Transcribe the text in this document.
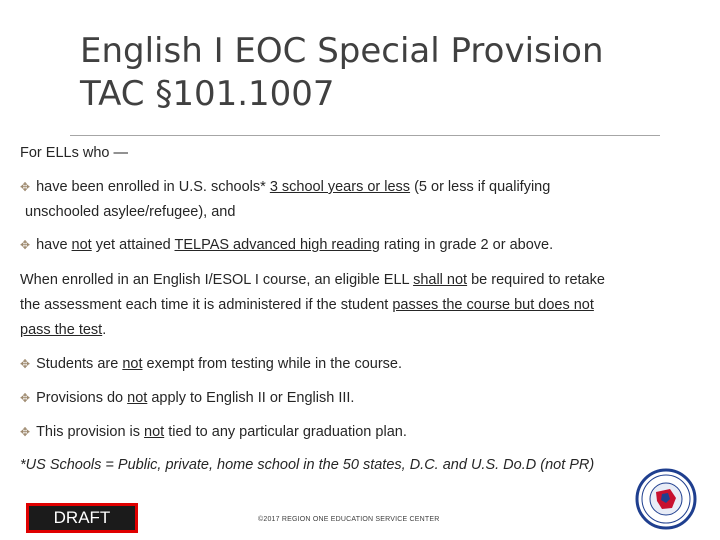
English I EOC Special Provision
TAC §101.1007

For ELLs who —

✥ have been enrolled in U.S. schools* 3 school years or less (5 or less if qualifying

unschooled asylee/refugee), and

✥ have not yet attained TELPAS advanced high reading rating in grade 2 or above.

When enrolled in an English I/ESOL I course, an eligible ELL shall not be required to retake

the assessment each time it is administered if the student passes the course but does not

pass the test.

✥ Students are not exempt from testing while in the course.

✥ Provisions do not apply to English II or English III.

✥ This provision is not tied to any particular graduation plan.

*US Schools = Public, private, home school in the 50 states, D.C. and U.S. Do.D (not PR)

DRAFT	©2017 REGION ONE EDUCATION SERVICE CENTER
